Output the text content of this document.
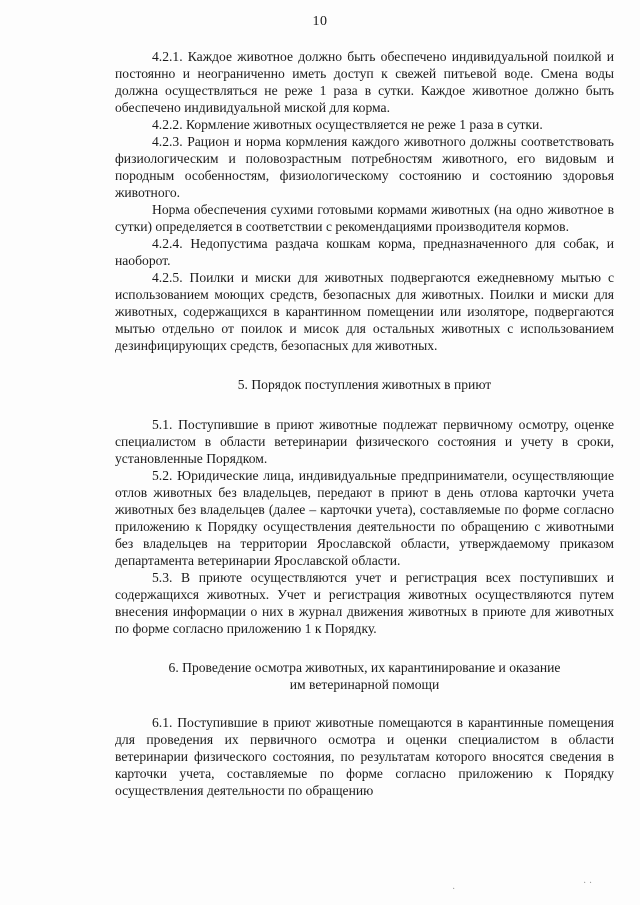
10

4.2.1. Каждое животное должно быть обеспечено индивидуальной поилкой и постоянно и неограниченно иметь доступ к свежей питьевой воде. Смена воды должна осуществляться не реже 1 раза в сутки. Каждое животное должно быть обеспечено индивидуальной миской для корма.

4.2.2. Кормление животных осуществляется не реже 1 раза в сутки.

4.2.3. Рацион и норма кормления каждого животного должны соответствовать физиологическим и половозрастным потребностям животного, его видовым и породным особенностям, физиологическому состоянию и состоянию здоровья животного.

Норма обеспечения сухими готовыми кормами животных (на одно животное в сутки) определяется в соответствии с рекомендациями производителя кормов.

4.2.4. Недопустима раздача кошкам корма, предназначенного для собак, и наоборот.

4.2.5. Поилки и миски для животных подвергаются ежедневному мытью с использованием моющих средств, безопасных для животных. Поилки и миски для животных, содержащихся в карантинном помещении или изоляторе, подвергаются мытью отдельно от поилок и мисок для остальных животных с использованием дезинфицирующих средств, безопасных для животных.

5. Порядок поступления животных в приют

5.1. Поступившие в приют животные подлежат первичному осмотру, оценке специалистом в области ветеринарии физического состояния и учету в сроки, установленные Порядком.

5.2. Юридические лица, индивидуальные предприниматели, осуществляющие отлов животных без владельцев, передают в приют в день отлова карточки учета животных без владельцев (далее – карточки учета), составляемые по форме согласно приложению к Порядку осуществления деятельности по обращению с животными без владельцев на территории Ярославской области, утверждаемому приказом департамента ветеринарии Ярославской области.

5.3. В приюте осуществляются учет и регистрация всех поступивших и содержащихся животных. Учет и регистрация животных осуществляются путем внесения информации о них в журнал движения животных в приюте для животных по форме согласно приложению 1 к Порядку.

6. Проведение осмотра животных, их карантинирование и оказание
им ветеринарной помощи

6.1. Поступившие в приют животные помещаются в карантинные помещения для проведения их первичного осмотра и оценки специалистом в области ветеринарии физического состояния, по результатам которого вносятся сведения в карточки учета, составляемые по форме согласно приложению к Порядку осуществления деятельности по обращению

· ·
·
